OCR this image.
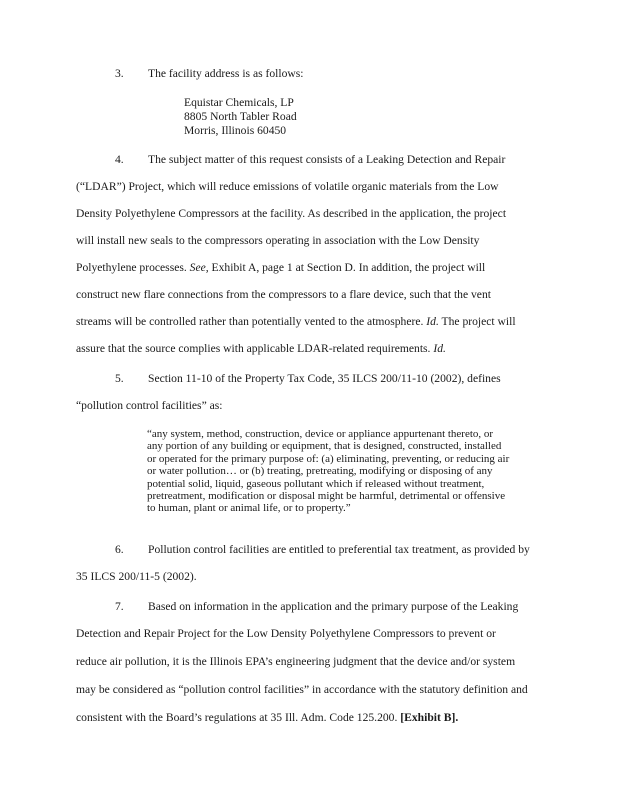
3. The facility address is as follows:
Equistar Chemicals, LP
8805 North Tabler Road
Morris, Illinois 60450
4. The subject matter of this request consists of a Leaking Detection and Repair
(“LDAR”) Project, which will reduce emissions of volatile organic materials from the Low
Density Polyethylene Compressors at the facility. As described in the application, the project
will install new seals to the compressors operating in association with the Low Density
Polyethylene processes. See, Exhibit A, page 1 at Section D. In addition, the project will
construct new flare connections from the compressors to a flare device, such that the vent
streams will be controlled rather than potentially vented to the atmosphere. Id. The project will
assure that the source complies with applicable LDAR-related requirements. Id.
5. Section 11-10 of the Property Tax Code, 35 ILCS 200/11-10 (2002), defines
“pollution control facilities” as:
“any system, method, construction, device or appliance appurtenant thereto, or
any portion of any building or equipment, that is designed, constructed, installed
or operated for the primary purpose of: (a) eliminating, preventing, or reducing air
or water pollution… or (b) treating, pretreating, modifying or disposing of any
potential solid, liquid, gaseous pollutant which if released without treatment,
pretreatment, modification or disposal might be harmful, detrimental or offensive
to human, plant or animal life, or to property.”
6. Pollution control facilities are entitled to preferential tax treatment, as provided by
35 ILCS 200/11-5 (2002).
7. Based on information in the application and the primary purpose of the Leaking
Detection and Repair Project for the Low Density Polyethylene Compressors to prevent or
reduce air pollution, it is the Illinois EPA’s engineering judgment that the device and/or system
may be considered as “pollution control facilities” in accordance with the statutory definition and
consistent with the Board’s regulations at 35 Ill. Adm. Code 125.200. [Exhibit B].
